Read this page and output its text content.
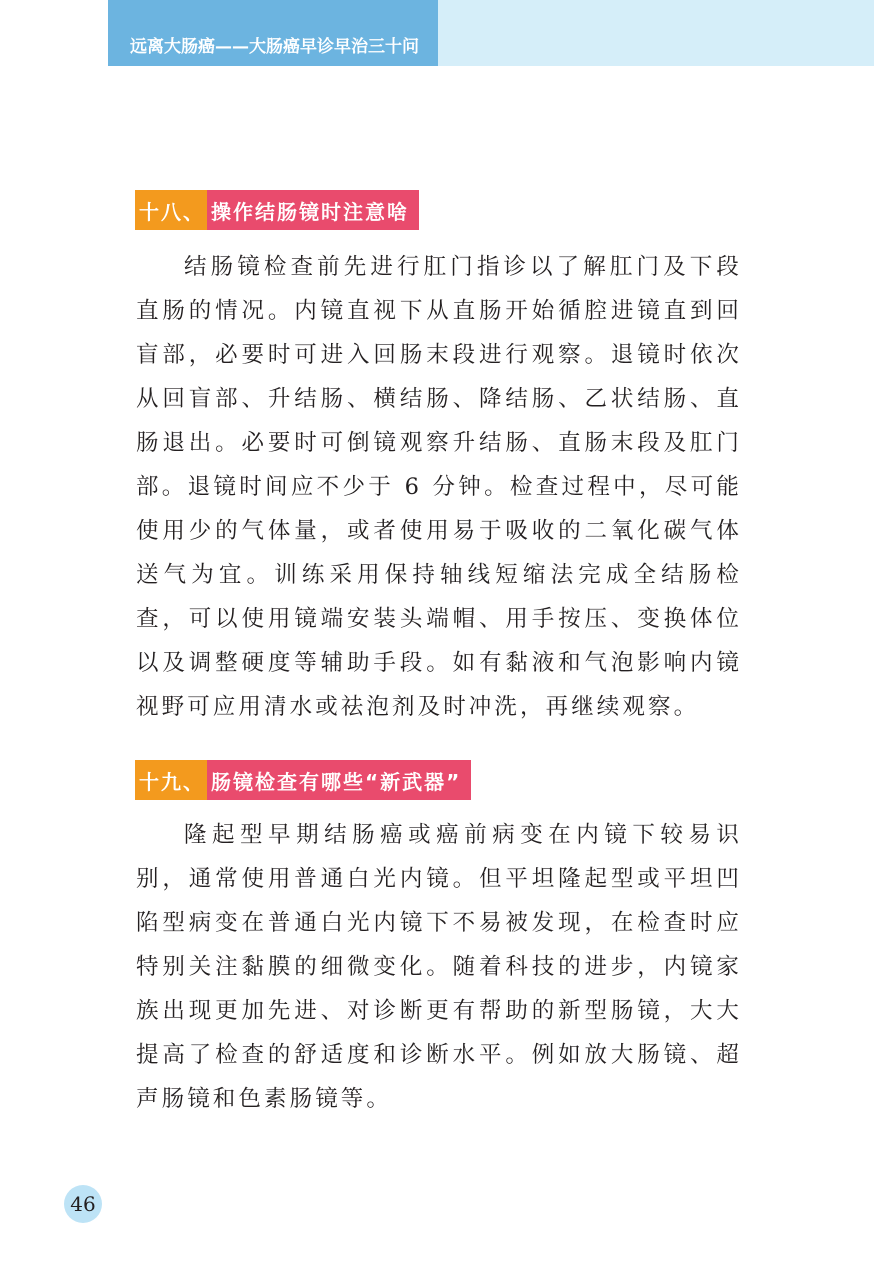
远离大肠癌——大肠癌早诊早治三十问
十八、 操作结肠镜时注意啥

结肠镜检查前先进行肛门指诊以了解肛门及下段直肠的情况。内镜直视下从直肠开始循腔进镜直到回盲部，必要时可进入回肠末段进行观察。退镜时依次从回盲部、升结肠、横结肠、降结肠、乙状结肠、直肠退出。必要时可倒镜观察升结肠、直肠末段及肛门部。退镜时间应不少于 6 分钟。检查过程中，尽可能使用少的气体量，或者使用易于吸收的二氧化碳气体送气为宜。训练采用保持轴线短缩法完成全结肠检查，可以使用镜端安装头端帽、用手按压、变换体位以及调整硬度等辅助手段。如有黏液和气泡影响内镜视野可应用清水或祛泡剂及时冲洗，再继续观察。

十九、 肠镜检查有哪些“新武器”

隆起型早期结肠癌或癌前病变在内镜下较易识别，通常使用普通白光内镜。但平坦隆起型或平坦凹陷型病变在普通白光内镜下不易被发现，在检查时应特别关注黏膜的细微变化。随着科技的进步，内镜家族出现更加先进、对诊断更有帮助的新型肠镜，大大提高了检查的舒适度和诊断水平。例如放大肠镜、超声肠镜和色素肠镜等。

46
